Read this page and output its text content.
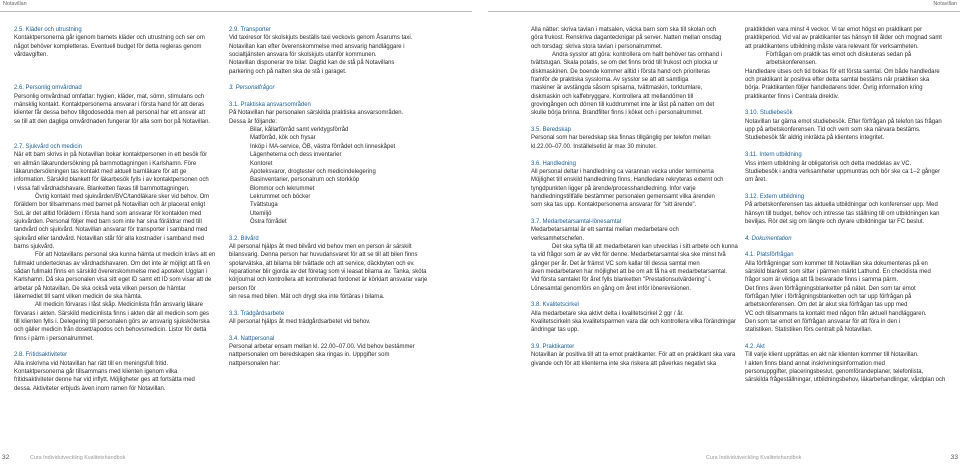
Notavillan	Notavillan

2.5. Kläder och utrustning

Kontaktpersonerna går igenom barnets kläder och utrustning och ser om

något behöver kompletteras. Eventuell budget för detta regleras genom

vårdavgiften.

2.6. Personlig omvårdnad

Personlig omvårdnad omfattar: hygien, kläder, mat, sömn, stimulans och

mänsklig kontakt. Kontaktpersonerna ansvarar i första hand för att deras

klienter får dessa behov tillgodosedda men all personal har ett ansvar att

se till att den dagliga omvårdnaden fungerar för alla som bor på Notavillan.

2.7. Sjukvård och medicin

När ett barn skrivs in på Notavillan bokar kontaktpersonen in ett besök för

en allmän läkarundersökning på barnmottagningen i Karlshamn. Före

läkarundersökningen tas kontakt med aktuell barnläkare för att ge

information. Särskild blankett för läkarbesök fylls i av kontaktpersonen och

i vissa fall vårdnadshavare. Blanketten faxas till barnmottagningen.

Övrig kontakt med sjukvården/BVC/tandläkare sker vid behov. Om

föräldern bor tillsammans med barnet på Notavillan och är placerat enligt

SoL är det alltid föräldern i första hand som ansvarar för kontakten med

sjukvården. Personal följer med barn som inte har sina föräldrar med till

tandvård och sjukvård. Notavillan ansvarar för transporter i samband med

sjukvård eller tandvård. Notavillan står för alla kostnader i samband med

barns sjukvård.

För att Notavillans personal ska kunna hämta ut medicin krävs att en

fullmakt undertecknas av vårdnadshavaren. Om det inte är möjligt att få en

sådan fullmakt finns en särskild överenskommelse med apoteket Ugglan i

Karlshamn. Då ska personalen visa sitt eget ID samt ett ID som visar att de

arbetar på Notavillan. De ska också veta vilken person de hämtar

läkemedlet till samt vilken medicin de ska hämta.

All medicin förvaras i låst skåp. Medicinlista från ansvarig läkare

förvaras i akten. Särskild medicinlista finns i akten där all medicin som ges

till klienten fylls i. Delegering till personalen görs av ansvarig sjuksköterska

och gäller medicin från dosett/apodos och behovsmedicin. Listor för detta

finns i pärm i personalrummet.

2.8. Fritidsaktiviteter

Alla inskrivna vid Notavillan har rätt till en meningsfull fritid.

Kontaktpersonerna går tillsammans med klienten igenom vilka

fritidsaktiviteter denne har vid inflytt. Möjligheter ges att fortsätta med

dessa. Aktiviteter erbjuds även inom ramen för Notavillan.

2.9. Transporter

Vid taxiresor för skolskjuts beställs taxi veckovis genom Åsarums taxi.

Notavillan kan efter överenskommelse med ansvarig handläggare i

socialtjänsten ansvara för skolskjuts utanför kommunen.

Notavillan disponerar tre bilar. Dagtid kan de stå på Notavillans

parkering och på natten ska de stå i garaget.

3. Personalfrågor

3.1. Praktiska ansvarsområden

På Notavillan har personalen särskilda praktiska ansvarsområden.

Dessa är följande:

Bilar, kållarförråd samt verktygsförråd

Matförråd, kök och frysar

Inköp i MA-service, ÖB, västra förrådet och linneskåpet

Lägenheterna och dess inventarier

Kontoret

Apoteksvaror, drogtester och medicindelegering

Basinventarier, personalrum och storkköp

Blommor och lekrummet

Lekrummet och böcker

Tvättstuga

Utemiljö

Östra förrådet

3.2. Bilvård

All personal hjälps åt med bilvård vid behov men en person är särskilt

bilansvarig. Denna person har huvudansvaret för att se till att bilen finns

spolarvätska, att bilarna blir tvättade och att service, däckbyten och ev.

reparationer blir gjorda av det företag som vi leasat bilarna av. Tanka, sköta

körjournal och kontrollera att kontrollerad fordonet är körklart ansvarar varje person för

sin resa med bilen. Mät och drygt ska inte förtäras i bilarna.

3.3. Trädgårdsarbete

All personal hjälps åt med trädgårdsarbetet vid behov.

3.4. Nattpersonal

Personal arbetar ensam mellan kl. 22.00–07.00. Vid behov bestämmer

nattpersonalen om beredskapen ska ringas in. Uppgifter som

nattpersonalen har:

Alla nätter: skriva tavlan i matsalen, väcka barn som ska till skolan och

göra frukost. Renskriva dagantecknigar på server. Natten mellan onsdag

och torsdag: skriva stora tavlan i personalrummet.

Andra sysslor att göra: kontrollera om hallt behöver tas omhand i

tvättstugan. Skala potatis, se om det finns bröd till frukost och plocka ur

diskmaskinen. De boende kommer alltid i första hand och prioriteras

framför de praktiska sysslorna. Av sysslor se att att samtliga

maskiner är avstängda såsom spisarna, tvättmaskin, torktumlare,

diskmaskin och kaffebryggare. Kontrollera att mellandörren till

grovingången och dörren till kuddrummet inte är låst på natten om det

skulle börja brinna. Brandfilter finns i köket och i personalrummet.

3.5. Beredskap

Personal som har beredskap ska finnas tillgänglig per telefon mellan

kl.22.00–07.00. Inställelsetid är max 30 minuter.

3.6. Handledning

All personal deltar i handledning ca varannan vecka under terminerna

Möjlighet till enskild handledning finns. Handledare rekryteras externt och

tyngdpunkten ligger på ärende/processhandledning. Infor varje

handledningstillfälle bestämmer personalen gemensamt vilka ärenden

som ska tas upp. Kontaktpersonerna ansvarar för "sitt ärende".

3.7. Medarbetarsamtal-lönesamtal

Medarbetarsamtal är ett samtal mellan medarbetare och

verksamhetschefen.

Det ska syfta till att medarbetaren kan utvecklas i sitt arbete och kunna

ta vid frågor som är av vikt för denne. Medarbetarsamtal ska ske minst två

gånger per år. Det är främst VC som kallar till dessa samtal men

även medarbetaren har möjlighet att be om att få ha ett medarbetarsamtal.

Vid första samtalet för året fylls blanketten "Prestationsutvärdering" i.

Lönesamtal genomförs en gång om året inför lönerevisionen.

3.8. Kvalitetscirkel

Alla medarbetare ska aktivt delta i kvalitetscirkel 2 ggr / år.

Kvalitetscirkeln ska kvalitetsparmen vara där och kontrollera vilka förändringar

ändringar tas upp.

3.9. Praktikanter

Notavillan är positiva till att ta emot praktikanter. För att en praktikant ska vara

givande och för att klienterna inte ska riskera att påverkas negativt ska

praktiktiden vara minst 4 veckor. Vi tar emot högst en praktikant per

praktikperiod. Vid val av praktikanter tas hänsyn till ålder och mognad samt

att praktikantens utbildning måste vara relevant för verksamheten.

Förfrågan om praktik tas emot och diskuteras sedan på arbetskonferensen.

Handledare utses och tid bokas för ett första samtal. Om både handledare

och praktikant är positiva efter detta samtal bestäms när praktiken ska

börja. Praktikanten följer handledarens tider. Övrig information kring

praktikanter finns i Centrala direktiv.

3.10. Studiebesök

Notavillan tar gärna emot studiebesök. Efter förfrågan på telefon tas frågan

upp på arbetskonferensen. Tid och vem som ska närvara bestäms.

Studiebesök får aldrig inkräkta på klientens integritet.

3.11. Intern utbildning

Viss intern utbildning är obligatorisk och detta meddelas av VC.

Studiebesök i andra verksamheter uppmuntras och bör ske ca 1–2 gånger

om året.

3.12. Extern utbildning

På arbetskonferensen tas aktuella utbildningar och konferenser upp. Med

hänsyn till budget, behov och intresse tas ställning till om utbildningen kan

beviljas. Rör det sig om längre och dyrare utbildningar tar FC beslut.

4. Dokumentation

4.1. Platsförfrågan

Alla förfrågningar som kommer till Notavillan ska dokumenteras på en

särskild blankett som sitter i pärmen märkt Lathund. En checklista med

frågor som är viktiga att få besvarade finns i samma pärm.

Det finns även förfrågningsblanketter på nätet. Den som tar emot

förfrågan fyller i förfrågningsblanketten och tar upp förfrågan på

arbetskonferensen. Om det är akut ska förfrågan tas upp med

VC och tillsammans ta kontakt med någon från aktuell handläggaren.

Den som tar emot en förfrågan ansvarar för att föra in den i

statistiken. Statistiken förs centralt på Notavillan.

4.2. Akt

Till varje klient upprättas en akt när klienten kommer till Notavillan.

I akten finns bland annat inskrivningsinformation med

personuppgifter, placeringsbeslut, genomförandeplaner, telefonlista,

särskilda frågeställningar, utbildningsbehov, läkarbehandlingar, vårdplan och

32	Cura Individutveckling Kvalitetshandbok	Cura Individutveckling Kvalitetshandbok	33
